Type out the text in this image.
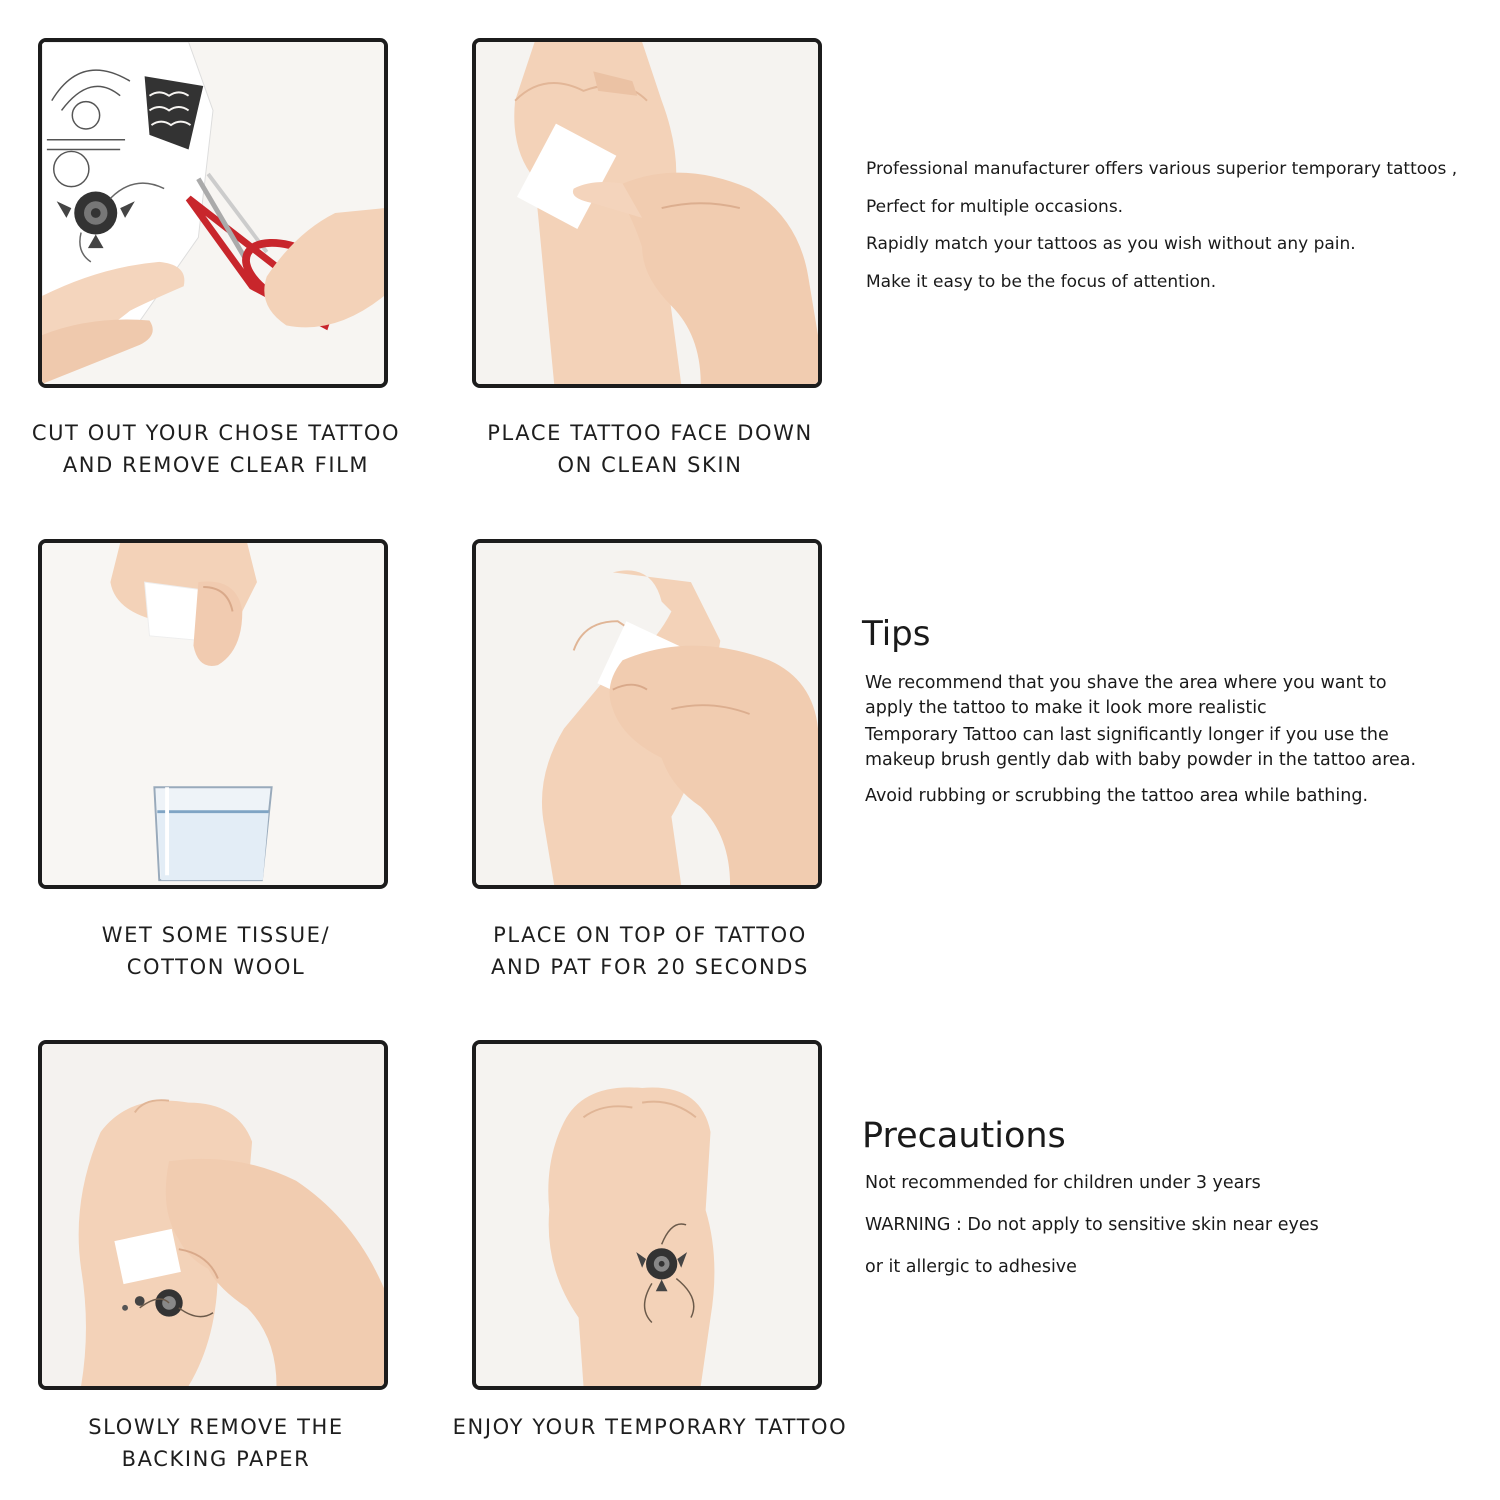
CUT OUT YOUR CHOSE TATTOO
AND REMOVE CLEAR FILM
PLACE TATTOO FACE DOWN
ON CLEAN SKIN
WET SOME TISSUE/
COTTON WOOL
PLACE ON TOP OF TATTOO
AND PAT FOR 20 SECONDS
SLOWLY REMOVE THE
BACKING PAPER
ENJOY YOUR TEMPORARY TATTOO

Professional manufacturer offers various superior temporary tattoos ,

Perfect for multiple occasions.

Rapidly match your tattoos as you wish without any pain.

Make it easy to be the focus of attention.

Tips

We recommend that you shave the area where you want to

apply the tattoo to make it look more realistic

Temporary Tattoo can last significantly longer if you use the

makeup brush gently dab with baby powder in the tattoo area.

Avoid rubbing or scrubbing the tattoo area while bathing.

Precautions

Not recommended for children under 3 years

WARNING : Do not apply to sensitive skin near eyes

or it allergic to adhesive
